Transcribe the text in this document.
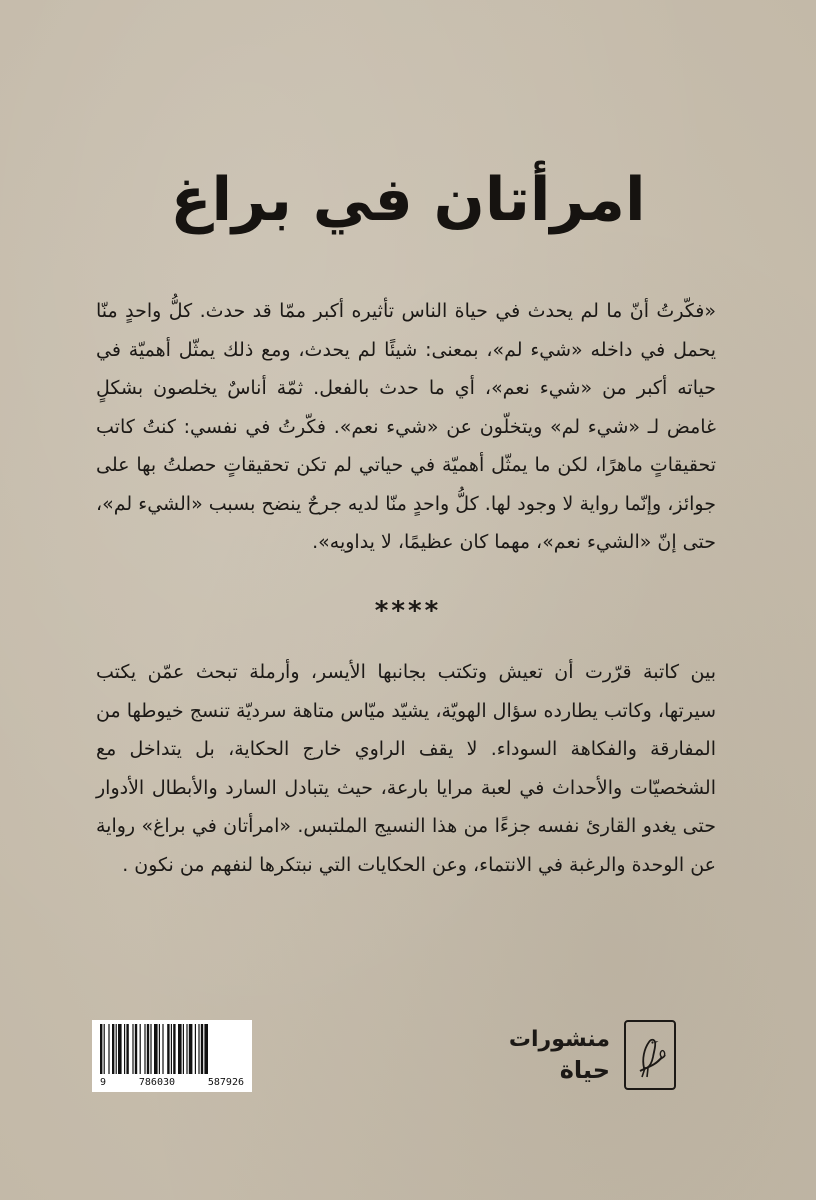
امرأتان في براغ

«فكّرتُ أنّ ما لم يحدث في حياة الناس تأثيره أكبر ممّا قد حدث. كلُّ واحدٍ منّا يحمل في داخله «شيء لم»، بمعنى: شيئًا لم يحدث، ومع ذلك يمثّل أهميّة في حياته أكبر من «شيء نعم»، أي ما حدث بالفعل. ثمّة أناسٌ يخلصون بشكلٍ غامض لـ «شيء لم» ويتخلّون عن «شيء نعم». فكّرتُ في نفسي: كنتُ كاتب تحقيقاتٍ ماهرًا، لكن ما يمثّل أهميّة في حياتي لم تكن تحقيقاتٍ حصلتُ بها على جوائز، وإنّما رواية لا وجود لها. كلُّ واحدٍ منّا لديه جرحٌ ينضح بسبب «الشيء لم»، حتى إنّ «الشيء نعم»، مهما كان عظيمًا، لا يداويه».

****

بين كاتبة قرّرت أن تعيش وتكتب بجانبها الأيسر، وأرملة تبحث عمّن يكتب سيرتها، وكاتب يطارده سؤال الهويّة، يشيّد ميّاس متاهة سرديّة تنسج خيوطها من المفارقة والفكاهة السوداء. لا يقف الراوي خارج الحكاية، بل يتداخل مع الشخصيّات والأحداث في لعبة مرايا بارعة، حيث يتبادل السارد والأبطال الأدوار حتى يغدو القارئ نفسه جزءًا من هذا النسيج الملتبس. «امرأتان في براغ» رواية عن الوحدة والرغبة في الانتماء، وعن الحكايات التي نبتكرها لنفهم من نكون .

9	786030	587926
منشورات
حياة
